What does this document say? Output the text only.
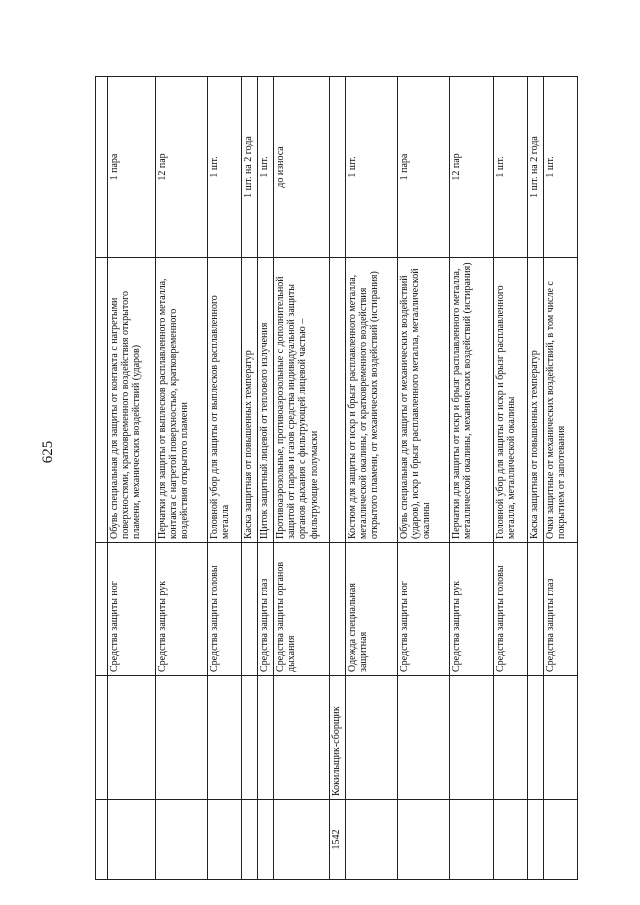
625

		Средства защиты ног	Обувь специальная для защиты от контакта с нагретыми поверхностями, кратковременного воздействия открытого пламени, механических воздействий (ударов)	1 пара
		Средства защиты рук	Перчатки для защиты от выплесков расплавленного металла, контакта с нагретой поверхностью, кратковременного воздействия открытого пламени	12 пар
		Средства защиты головы	Головной убор для защиты от выплесков расплавленного металла	1 шт.
			Каска защитная от повышенных температур	1 шт. на 2 года
		Средства защиты глаз	Щиток защитный лицевой от теплового излучения	1 шт.
		Средства защиты органов дыхания	Противоаэрозольные, противоаэрозольные с дополнительной защитой от паров и газов средства индивидуальной защиты органов дыхания с фильтрующей лицевой частью – фильтрующие полумаски	до износа
1542	Кокильщик-сборщик			
		Одежда специальная защитная	Костюм для защиты от искр и брызг расплавленного металла, металлической окалины, от кратковременного воздействия открытого пламени, от механических воздействий (истирания)	1 шт.
		Средства защиты ног	Обувь специальная для защиты от механических воздействий (ударов), искр и брызг расплавленного металла, металлической окалины	1 пара
		Средства защиты рук	Перчатки для защиты от искр и брызг расплавленного металла, металлической окалины, механических воздействий (истирания)	12 пар
		Средства защиты головы	Головной убор для защиты от искр и брызг расплавленного металла, металлической окалины	1 шт.
			Каска защитная от повышенных температур	1 шт. на 2 года
		Средства защиты глаз	Очки защитные от механических воздействий, в том числе с покрытием от запотевания	1 шт.
